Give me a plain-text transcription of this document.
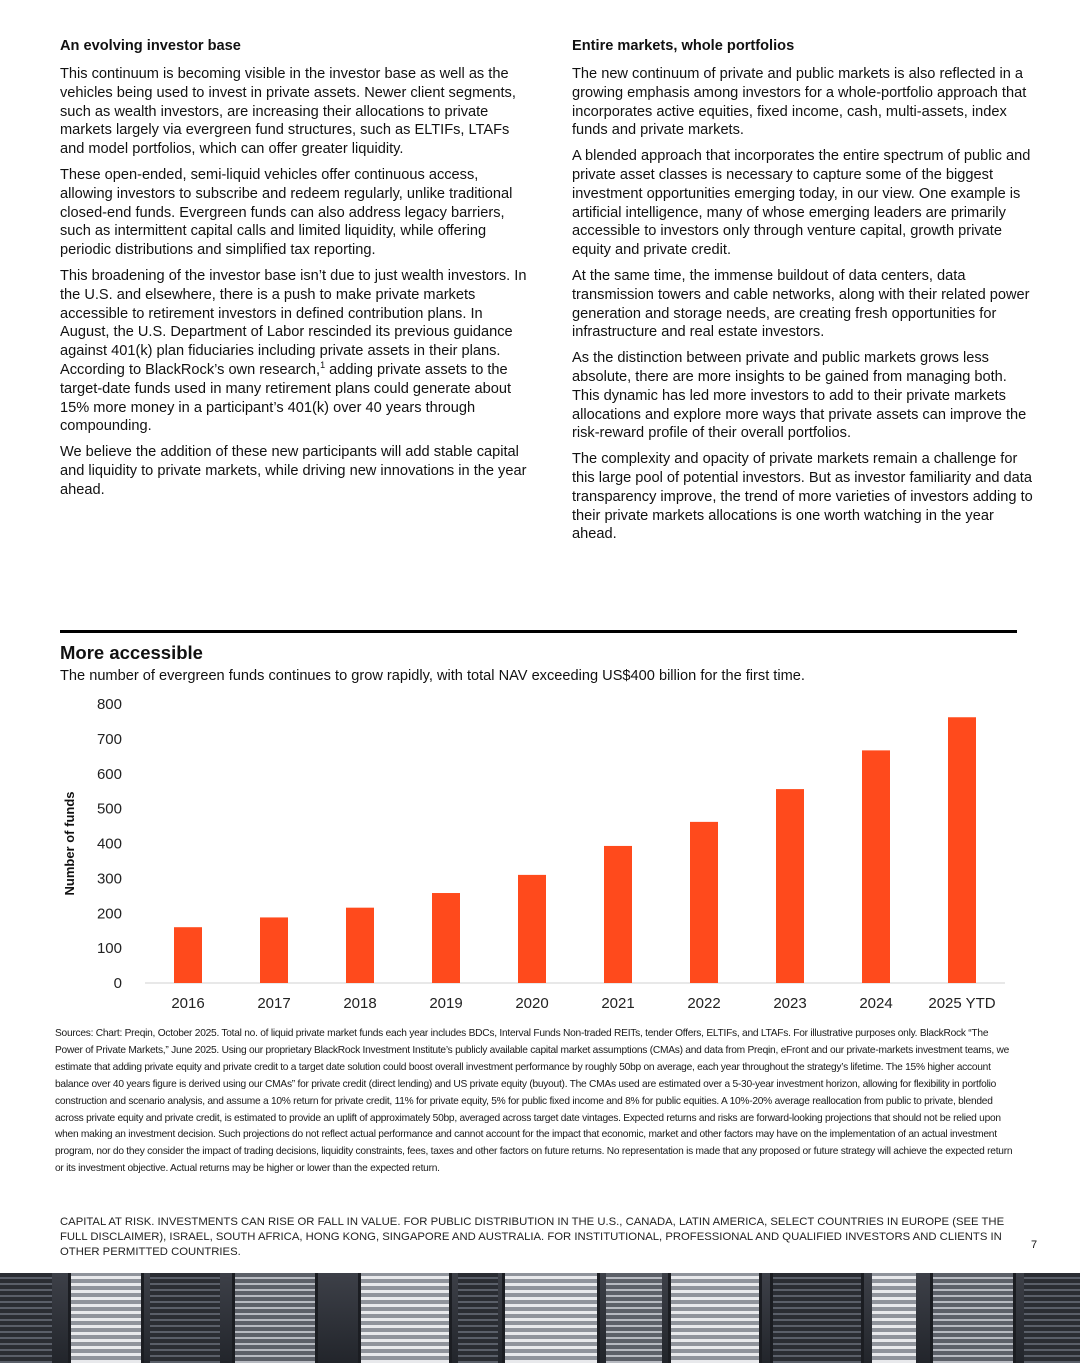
An evolving investor base

This continuum is becoming visible in the investor base as well as the vehicles being used to invest in private assets. Newer client segments, such as wealth investors, are increasing their allocations to private markets largely via evergreen fund structures, such as ELTIFs, LTAFs and model portfolios, which can offer greater liquidity.

These open-ended, semi-liquid vehicles offer continuous access, allowing investors to subscribe and redeem regularly, unlike traditional closed-end funds. Evergreen funds can also address legacy barriers, such as intermittent capital calls and limited liquidity, while offering periodic distributions and simplified tax reporting.

This broadening of the investor base isn’t due to just wealth investors. In the U.S. and elsewhere, there is a push to make private markets accessible to retirement investors in defined contribution plans. In August, the U.S. Department of Labor rescinded its previous guidance against 401(k) plan fiduciaries including private assets in their plans. According to BlackRock’s own research,$^1$ adding private assets to the target-date funds used in many retirement plans could generate about 15% more money in a participant’s 401(k) over 40 years through compounding.

We believe the addition of these new participants will add stable capital and liquidity to private markets, while driving new innovations in the year ahead.

Entire markets, whole portfolios

The new continuum of private and public markets is also reflected in a growing emphasis among investors for a whole-portfolio approach that incorporates active equities, fixed income, cash, multi-assets, index funds and private markets.

A blended approach that incorporates the entire spectrum of public and private asset classes is necessary to capture some of the biggest investment opportunities emerging today, in our view. One example is artificial intelligence, many of whose emerging leaders are primarily accessible to investors only through venture capital, growth private equity and private credit.

At the same time, the immense buildout of data centers, data transmission towers and cable networks, along with their related power generation and storage needs, are creating fresh opportunities for infrastructure and real estate investors.

As the distinction between private and public markets grows less absolute, there are more insights to be gained from managing both. This dynamic has led more investors to add to their private markets allocations and explore more ways that private assets can improve the risk-reward profile of their overall portfolios.

The complexity and opacity of private markets remain a challenge for this large pool of potential investors. But as investor familiarity and data transparency improve, the trend of more varieties of investors adding to their private markets allocations is one worth watching in the year ahead.

More accessible

The number of evergreen funds continues to grow rapidly, with total NAV exceeding US$400 billion for the first time.

0
100
200
300
400
500
600
700
800
Number of funds
2016	2017	2018	2019	2020	2021	2022	2023	2024 2025 YTD

Sources: Chart: Preqin, October 2025. Total no. of liquid private market funds each year includes BDCs, Interval Funds Non-traded REITs, tender Offers, ELTIFs, and LTAFs. For illustrative purposes only. BlackRock “The Power of Private Markets,” June 2025. Using our proprietary BlackRock Investment Institute’s publicly available capital market assumptions (CMAs) and data from Preqin, eFront and our private-markets investment teams, we estimate that adding private equity and private credit to a target date solution could boost overall investment performance by roughly 50bp on average, each year throughout the strategy’s lifetime. The 15% higher account balance over 40 years figure is derived using our CMAs” for private credit (direct lending) and US private equity (buyout). The CMAs used are estimated over a 5-30-year investment horizon, allowing for flexibility in portfolio construction and scenario analysis, and assume a 10% return for private credit, 11% for private equity, 5% for public fixed income and 8% for public equities. A 10%-20% average reallocation from public to private, blended across private equity and private credit, is estimated to provide an uplift of approximately 50bp, averaged across target date vintages. Expected returns and risks are forward-looking projections that should not be relied upon when making an investment decision. Such projections do not reflect actual performance and cannot account for the impact that economic, market and other factors may have on the implementation of an actual investment program, nor do they consider the impact of trading decisions, liquidity constraints, fees, taxes and other factors on future returns. No representation is made that any proposed or future strategy will achieve the expected return or its investment objective. Actual returns may be higher or lower than the expected return.

CAPITAL AT RISK. INVESTMENTS CAN RISE OR FALL IN VALUE. FOR PUBLIC DISTRIBUTION IN THE U.S., CANADA, LATIN AMERICA, SELECT COUNTRIES IN EUROPE (SEE THE FULL DISCLAIMER), ISRAEL, SOUTH AFRICA, HONG KONG, SINGAPORE AND AUSTRALIA. FOR INSTITUTIONAL, PROFESSIONAL AND QUALIFIED INVESTORS AND CLIENTS IN OTHER PERMITTED COUNTRIES.

7
